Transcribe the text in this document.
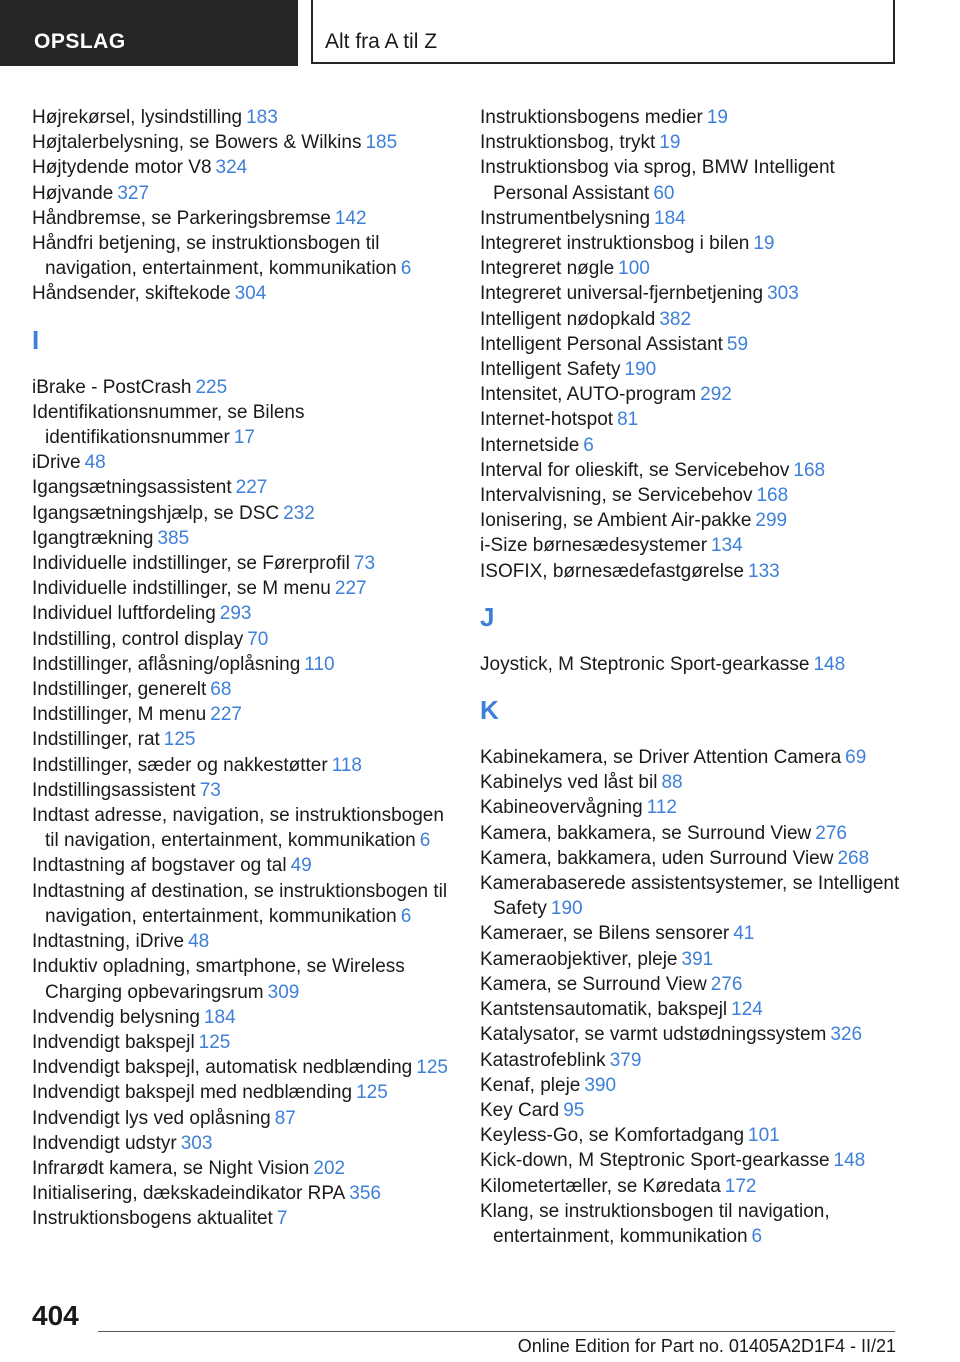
OPSLAG	Alt fra A til Z
Højrekørsel, lysindstilling 183
Højtalerbelysning, se Bowers & Wilkins 185
Højtydende motor V8 324
Højvande 327
Håndbremse, se Parkeringsbremse 142
Håndfri betjening, se instruktionsbogen til navigation, entertainment, kommunikation 6
Håndsender, skiftekode 304
I
iBrake - PostCrash 225
Identifikationsnummer, se Bilens identifikationsnummer 17
iDrive 48
Igangsætningsassistent 227
Igangsætningshjælp, se DSC 232
Igangtrækning 385
Individuelle indstillinger, se Førerprofil 73
Individuelle indstillinger, se M menu 227
Individuel luftfordeling 293
Indstilling, control display 70
Indstillinger, aflåsning/oplåsning 110
Indstillinger, generelt 68
Indstillinger, M menu 227
Indstillinger, rat 125
Indstillinger, sæder og nakkestøtter 118
Indstillingsassistent 73
Indtast adresse, navigation, se instruktionsbogen til navigation, entertainment, kommunikation 6
Indtastning af bogstaver og tal 49
Indtastning af destination, se instruktionsbogen til navigation, entertainment, kommunikation 6
Indtastning, iDrive 48
Induktiv opladning, smartphone, se Wireless Charging opbevaringsrum 309
Indvendig belysning 184
Indvendigt bakspejl 125
Indvendigt bakspejl, automatisk nedblænding 125
Indvendigt bakspejl med nedblænding 125
Indvendigt lys ved oplåsning 87
Indvendigt udstyr 303
Infrarødt kamera, se Night Vision 202
Initialisering, dækskadeindikator RPA 356
Instruktionsbogens aktualitet 7
Instruktionsbogens medier 19
Instruktionsbog, trykt 19
Instruktionsbog via sprog, BMW Intelligent Personal Assistant 60
Instrumentbelysning 184
Integreret instruktionsbog i bilen 19
Integreret nøgle 100
Integreret universal-fjernbetjening 303
Intelligent nødopkald 382
Intelligent Personal Assistant 59
Intelligent Safety 190
Intensitet, AUTO-program 292
Internet-hotspot 81
Internetside 6
Interval for olieskift, se Servicebehov 168
Intervalvisning, se Servicebehov 168
Ionisering, se Ambient Air-pakke 299
i-Size børnesædesystemer 134
ISOFIX, børnesædefastgørelse 133
J
Joystick, M Steptronic Sport-gearkasse 148
K
Kabinekamera, se Driver Attention Camera 69
Kabinelys ved låst bil 88
Kabineovervågning 112
Kamera, bakkamera, se Surround View 276
Kamera, bakkamera, uden Surround View 268
Kamerabaserede assistentsystemer, se Intelligent Safety 190
Kameraer, se Bilens sensorer 41
Kameraobjektiver, pleje 391
Kamera, se Surround View 276
Kantstensautomatik, bakspejl 124
Katalysator, se varmt udstødningssystem 326
Katastrofeblink 379
Kenaf, pleje 390
Key Card 95
Keyless-Go, se Komfortadgang 101
Kick-down, M Steptronic Sport-gearkasse 148
Kilometertæller, se Køredata 172
Klang, se instruktionsbogen til navigation, entertainment, kommunikation 6
404
Online Edition for Part no. 01405A2D1F4 - II/21
